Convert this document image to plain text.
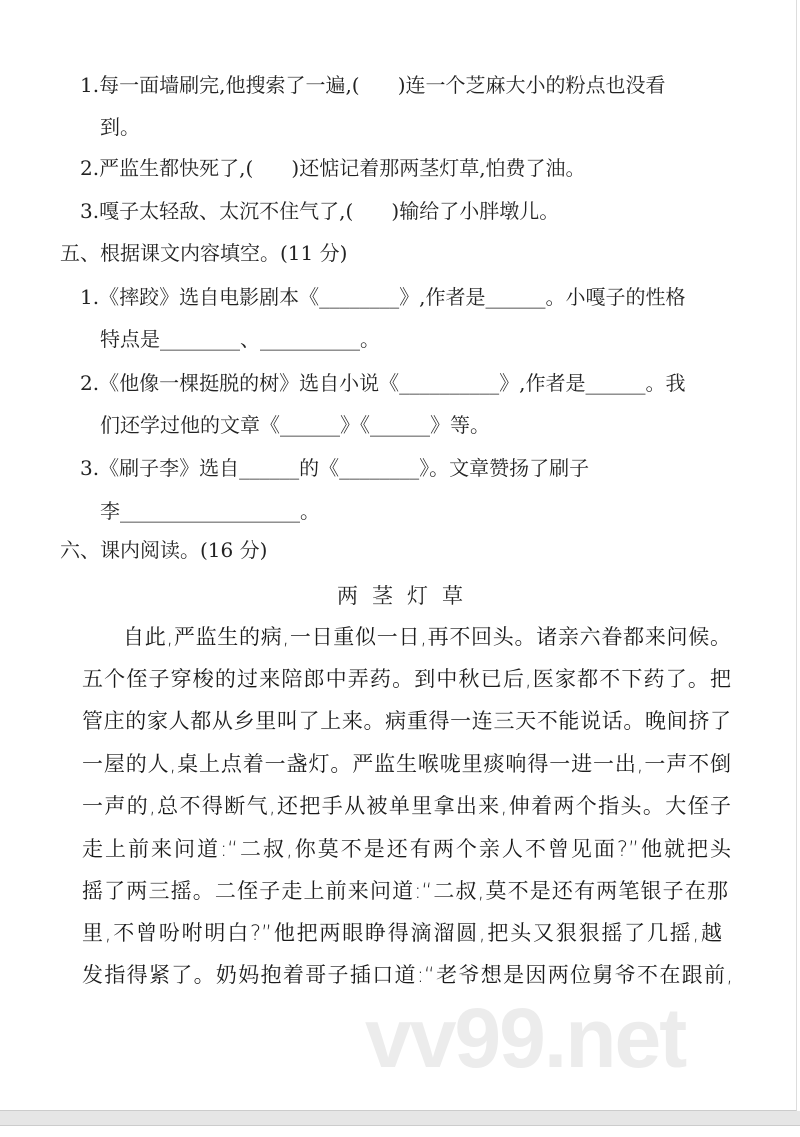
1.每一面墙刷完,他搜索了一遍,(      )连一个芝麻大小的粉点也没看
到。
2.严监生都快死了,(      )还惦记着那两茎灯草,怕费了油。
3.嘎子太轻敌、太沉不住气了,(      )输给了小胖墩儿。
五、根据课文内容填空。(11 分)
1.《摔跤》选自电影剧本《________》,作者是______。小嘎子的性格
特点是________、__________。
2.《他像一棵挺脱的树》选自小说《__________》,作者是______。我
们还学过他的文章《______》《______》等。
3.《刷子李》选自______的《________》。文章赞扬了刷子
李__________________。
六、课内阅读。(16 分)
两茎灯草
自此,严监生的病,一日重似一日,再不回头。诸亲六眷都来问候。
五个侄子穿梭的过来陪郎中弄药。到中秋已后,医家都不下药了。把
管庄的家人都从乡里叫了上来。病重得一连三天不能说话。晚间挤了
一屋的人,桌上点着一盏灯。严监生喉咙里痰响得一进一出,一声不倒
一声的,总不得断气,还把手从被单里拿出来,伸着两个指头。大侄子
走上前来问道:“二叔,你莫不是还有两个亲人不曾见面?”他就把头
摇了两三摇。二侄子走上前来问道:“二叔,莫不是还有两笔银子在那
里,不曾吩咐明白?”他把两眼睁得滴溜圆,把头又狠狠摇了几摇,越
发指得紧了。奶妈抱着哥子插口道:“老爷想是因两位舅爷不在跟前,
vv99.net
